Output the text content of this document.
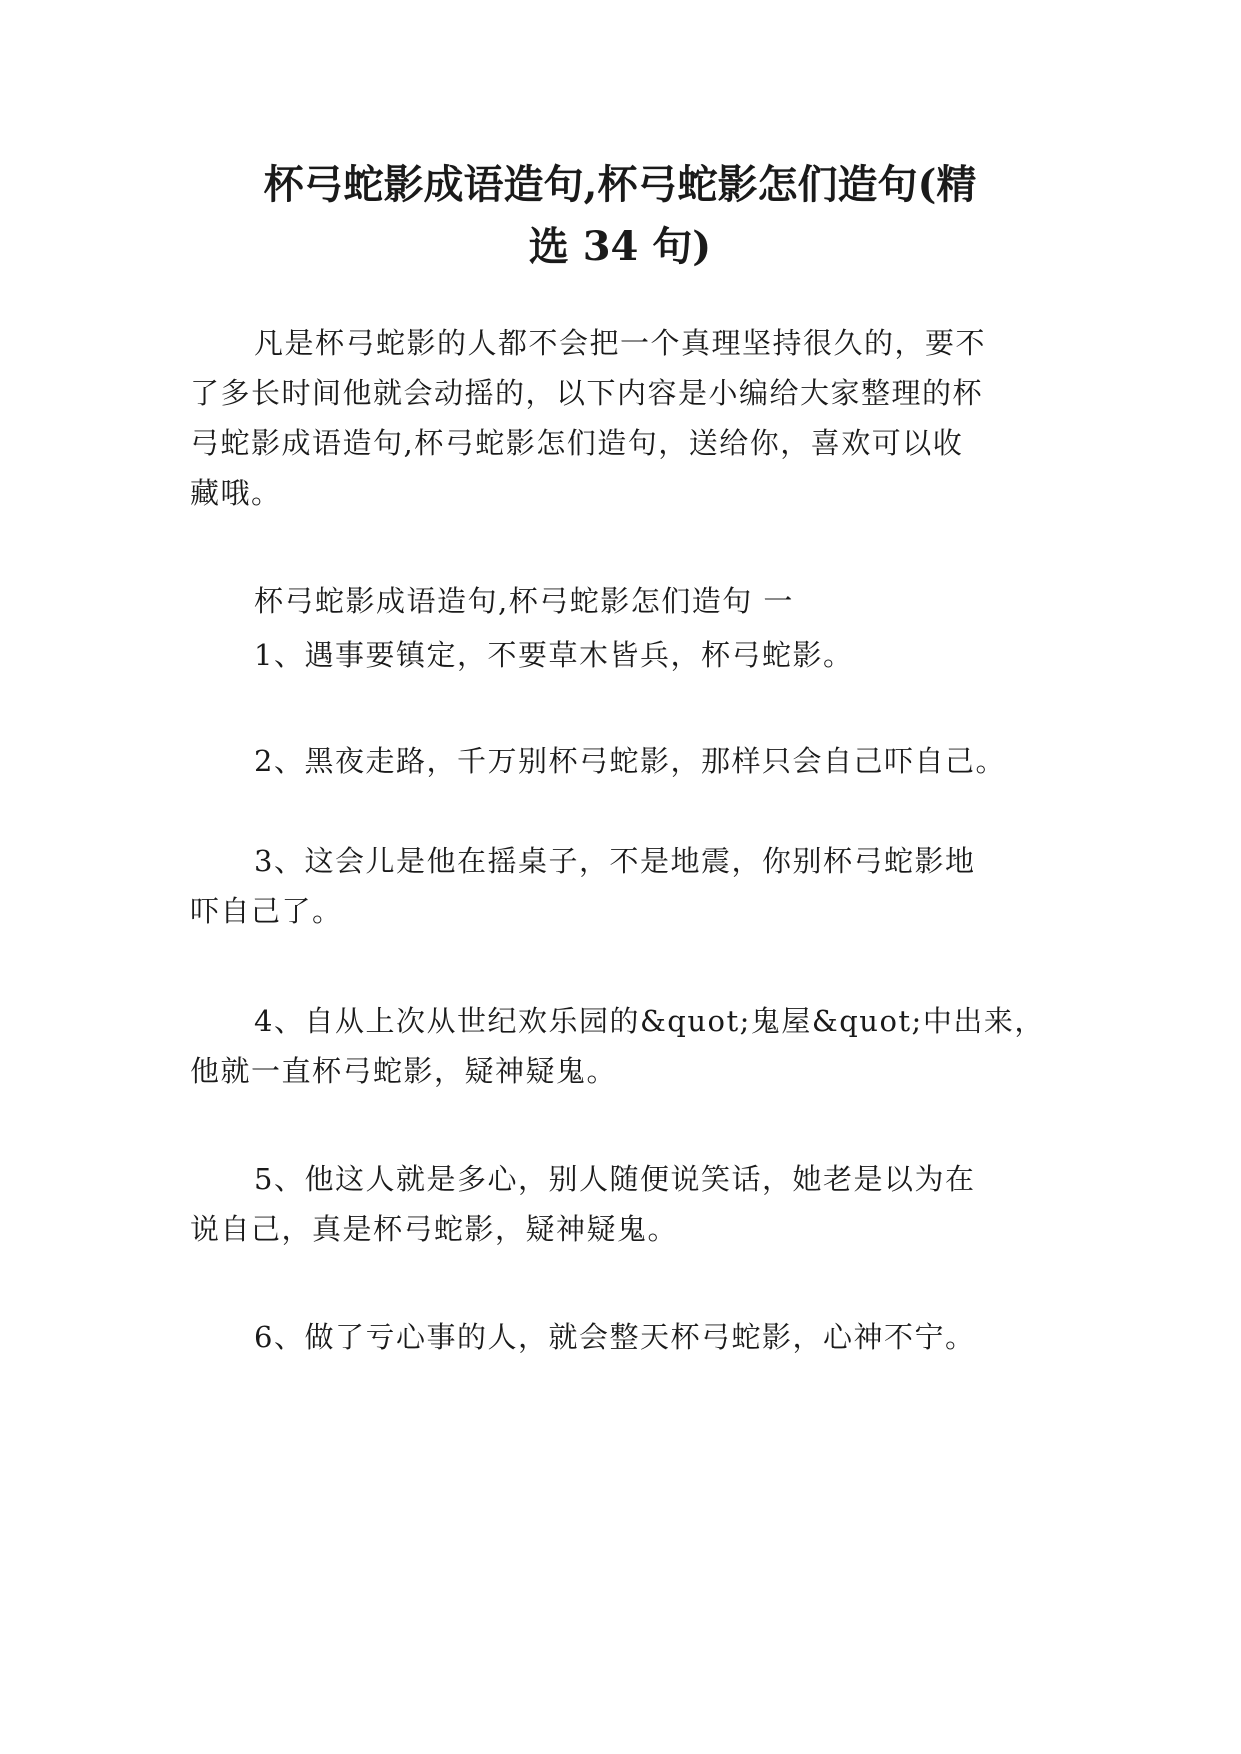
杯弓蛇影成语造句,杯弓蛇影怎们造句(精
选 34 句)

凡是杯弓蛇影的人都不会把一个真理坚持很久的，要不
了多长时间他就会动摇的，以下内容是小编给大家整理的杯
弓蛇影成语造句,杯弓蛇影怎们造句，送给你，喜欢可以收
藏哦。

杯弓蛇影成语造句,杯弓蛇影怎们造句 一
1、遇事要镇定，不要草木皆兵，杯弓蛇影。
2、黑夜走路，千万别杯弓蛇影，那样只会自己吓自己。
3、这会儿是他在摇桌子，不是地震，你别杯弓蛇影地
吓自己了。
4、自从上次从世纪欢乐园的&quot;鬼屋&quot;中出来，
他就一直杯弓蛇影，疑神疑鬼。
5、他这人就是多心，别人随便说笑话，她老是以为在
说自己，真是杯弓蛇影，疑神疑鬼。
6、做了亏心事的人，就会整天杯弓蛇影，心神不宁。
